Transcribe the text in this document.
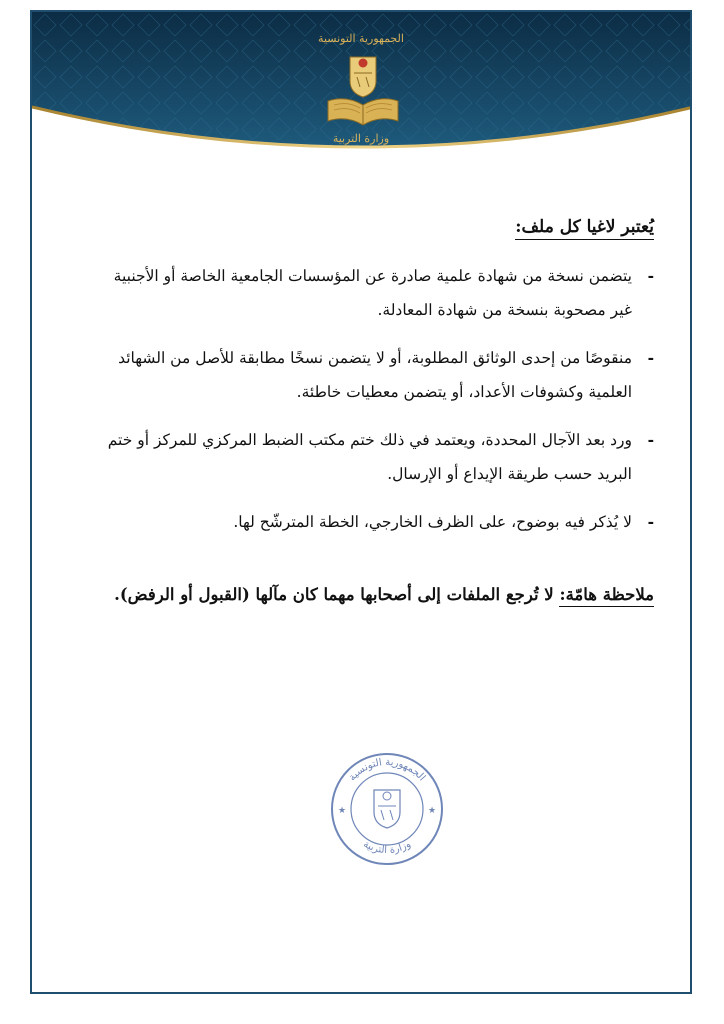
الجمهورية التونسية
وزارة التربية

يُعتبر لاغيا كل ملف:

-
يتضمن نسخة من شهادة علمية صادرة عن المؤسسات الجامعية الخاصة أو الأجنبية غير مصحوبة بنسخة من شهادة المعادلة.
-
منقوصًا من إحدى الوثائق المطلوبة، أو لا يتضمن نسخًا مطابقة للأصل من الشهائد العلمية وكشوفات الأعداد، أو يتضمن معطيات خاطئة.
-
ورد بعد الآجال المحددة، ويعتمد في ذلك ختم مكتب الضبط المركزي للمركز أو ختم البريد حسب طريقة الإيداع أو الإرسال.
-
لا يُذكر فيه بوضوح، على الظرف الخارجي، الخطة المترشّح لها.

ملاحظة هامّة: لا تُرجع الملفات إلى أصحابها مهما كان مآلها (القبول أو الرفض).

الجمهورية التونسية
وزارة التربية
★	★
